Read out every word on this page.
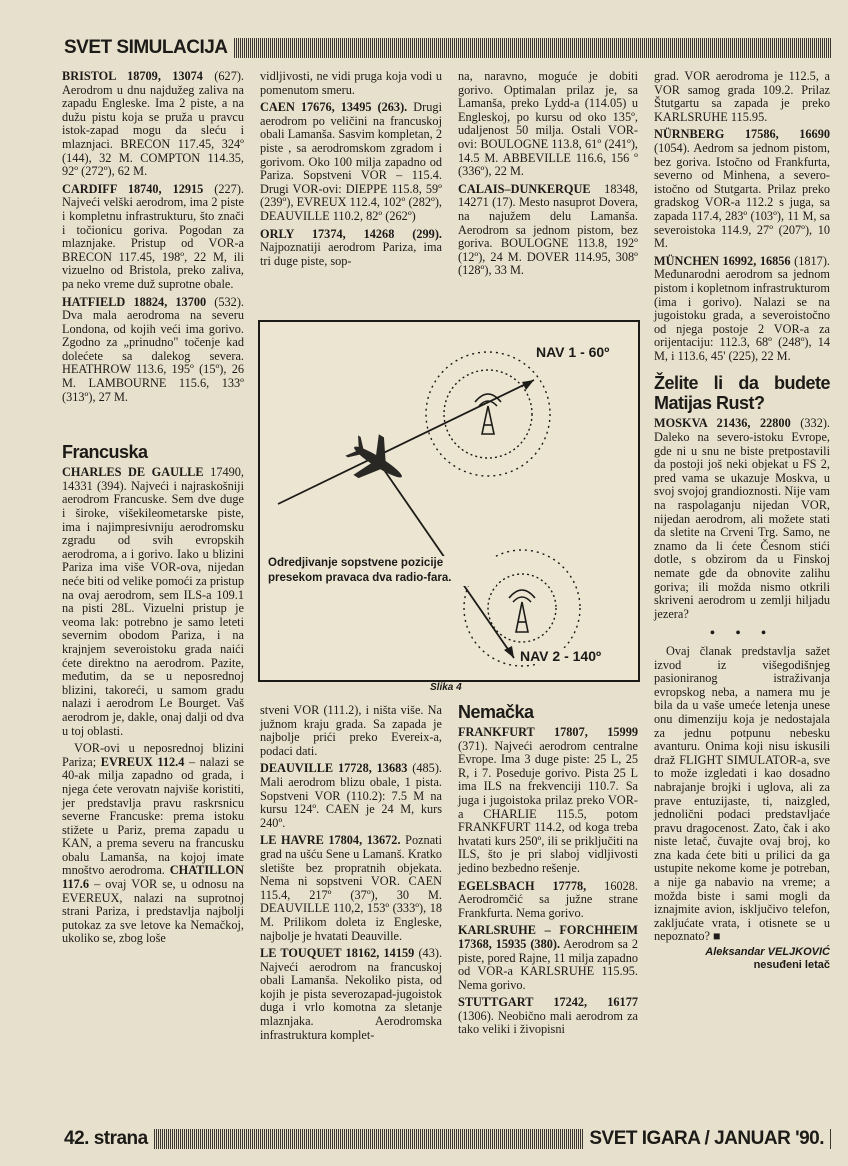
SVET SIMULACIJA

BRISTOL 18709, 13074 (627). Aerodrom u dnu najdužeg zaliva na zapadu Engleske. Ima 2 piste, a na dužu pistu koja se pruža u pravcu istok-zapad mogu da sleću i mlaznjaci. BRECON 117.45, 324º (144), 32 M. COMPTON 114.35, 92º (272º), 62 M.

CARDIFF 18740, 12915 (227). Najveći velški aerodrom, ima 2 piste i kompletnu infrastrukturu, što znači i točionicu goriva. Pogodan za mlaznjake. Pristup od VOR-a BRECON 117.45, 198º, 22 M, ili vizuelno od Bristola, preko zaliva, pa neko vreme duž suprotne obale.

HATFIELD 18824, 13700 (532). Dva mala aerodroma na severu Londona, od kojih veći ima gorivo. Zgodno za „prinudno" točenje kad dolećete sa dalekog severa. HEATHROW 113.6, 195º (15º), 26 M. LAMBOURNE 115.6, 133º (313º), 27 M.

Francuska

CHARLES DE GAULLE 17490, 14331 (394). Najveći i najraskošniji aerodrom Francuske. Sem dve duge i široke, višekileometarske piste, ima i najimpresivniju aerodromsku zgradu od svih evropskih aerodroma, a i gorivo. Iako u blizini Pariza ima više VOR-ova, nijedan neće biti od velike pomoći za pristup na ovaj aerodrom, sem ILS-a 109.1 na pisti 28L. Vizuelni pristup je veoma lak: potrebno je samo leteti severnim obodom Pariza, i na krajnjem severoistoku grada naići ćete direktno na aerodrom. Pazite, međutim, da se u neposrednoj blizini, takoreći, u samom gradu nalazi i aerodrom Le Bourget. Vaš aerodrom je, dakle, onaj dalji od dva u toj oblasti.

VOR-ovi u neposrednoj blizini Pariza; EVREUX 112.4 – nalazi se 40-ak milja zapadno od grada, i njega ćete verovatn najviše koristiti, jer predstavlja pravu raskrsnicu severne Francuske: prema istoku stižete u Pariz, prema zapadu u KAN, a prema severu na francusku obalu Lamanša, na kojoj imate mnoštvo aerodroma. CHATILLON 117.6 – ovaj VOR se, u odnosu na EVEREUX, nalazi na suprotnoj strani Pariza, i predstavlja najbolji putokaz za sve letove ka Nemačkoj, ukoliko se, zbog loše

vidljivosti, ne vidi pruga koja vodi u pomenutom smeru.

CAEN 17676, 13495 (263). Drugi aerodrom po veličini na francuskoj obali Lamanša. Sasvim kompletan, 2 piste , sa aerodromskom zgradom i gorivom. Oko 100 milja zapadno od Pariza. Sopstveni VOR – 115.4. Drugi VOR-ovi: DIEPPE 115.8, 59º (239º), EVREUX 112.4, 102º (282º), DEAUVILLE 110.2, 82º (262º)

ORLY 17374, 14268 (299). Najpoznatiji aerodrom Pariza, ima tri duge piste, sop-

stveni VOR (111.2), i ništa više. Na južnom kraju grada. Sa zapada je najbolje prići preko Evereix-a, podaci dati.

DEAUVILLE 17728, 13683 (485). Mali aerodrom blizu obale, 1 pista. Sopstveni VOR (110.2): 7.5 M na kursu 124º. CAEN je 24 M, kurs 240º.

LE HAVRE 17804, 13672. Poznati grad na ušću Sene u Lamanš. Kratko sletište bez propratnih objekata. Nema ni sopstveni VOR. CAEN 115.4, 217º (37º), 30 M. DEAUVILLE 110,2, 153º (333º), 18 M. Prilikom doleta iz Engleske, najbolje je hvatati Deauville.

LE TOUQUET 18162, 14159 (43). Najveći aerodrom na francuskoj obali Lamanša. Nekoliko pista, od kojih je pista severozapad-jugoistok duga i vrlo komotna za sletanje mlaznjaka. Aerodromska infrastruktura komplet-

na, naravno, moguće je dobiti gorivo. Optimalan prilaz je, sa Lamanša, preko Lydd-a (114.05) u Engleskoj, po kursu od oko 135º, udaljenost 50 milja. Ostali VOR-ovi: BOULOGNE 113.8, 61º (241º), 14.5 M. ABBEVILLE 116.6, 156 º (336º), 22 M.

CALAIS–DUNKERQUE 18348, 14271 (17). Mesto nasuprot Dovera, na najužem delu Lamanša. Aerodrom sa jednom pistom, bez goriva. BOULOGNE 113.8, 192º (12º), 24 M. DOVER 114.95, 308º (128º), 33 M.

Nemačka

FRANKFURT 17807, 15999 (371). Najveći aerodrom centralne Evrope. Ima 3 duge piste: 25 L, 25 R, i 7. Poseduje gorivo. Pista 25 L ima ILS na frekvenciji 110.7. Sa juga i jugoistoka prilaz preko VOR-a CHARLIE 115.5, potom FRANKFURT 114.2, od koga treba hvatati kurs 250º, ili se priključiti na ILS, što je pri slaboj vidljivosti jedino bezbedno rešenje.

EGELSBACH 17778, 16028. Aerodromčić sa južne strane Frankfurta. Nema gorivo.

KARLSRUHE – FORCHHEIM 17368, 15935 (380). Aerodrom sa 2 piste, pored Rajne, 11 milja zapadno od VOR-a KARLSRUHE 115.95. Nema gorivo.

STUTTGART 17242, 16177 (1306). Neobično mali aerodrom za tako veliki i živopisni

grad. VOR aerodroma je 112.5, a VOR samog grada 109.2. Prilaz Štutgartu sa zapada je preko KARLSRUHE 115.95.

NÜRNBERG 17586, 16690 (1054). Aedrom sa jednom pistom, bez goriva. Istočno od Frankfurta, severno od Minhena, a severo-istočno od Stutgarta. Prilaz preko gradskog VOR-a 112.2 s juga, sa zapada 117.4, 283º (103º), 11 M, sa severoistoka 114.9, 27º (207º), 10 M.

MÜNCHEN 16992, 16856 (1817). Međunarodni aerodrom sa jednom pistom i kopletnom infrastrukturom (ima i gorivo). Nalazi se na jugoistoku grada, a severoistočno od njega postoje 2 VOR-a za orijentaciju: 112.3, 68º (248º), 14 M, i 113.6, 45' (225), 22 M.

Želite li da budete Matijas Rust?

MOSKVA 21436, 22800 (332). Daleko na severo-istoku Evrope, gde ni u snu ne biste pretpostavili da postoji još neki objekat u FS 2, pred vama se ukazuje Moskva, u svoj svojoj grandioznosti. Nije vam na raspolaganju nijedan VOR, nijedan aerodrom, ali možete stati da sletite na Crveni Trg. Samo, ne znamo da li ćete Česnom stići dotle, s obzirom da u Finskoj nemate gde da obnovite zalihu goriva; ili možda nismo otkrili skriveni aerodrom u zemlji hiljadu jezera?

• • •

Ovaj članak predstavlja sažet izvod iz višegodišnjeg pasioniranog istraživanja evropskog neba, a namera mu je bila da u vaše umeće letenja unese onu dimenziju koja je nedostajala za jednu potpunu nebesku avanturu. Onima koji nisu iskusili draž FLIGHT SIMULATOR-a, sve to može izgledati i kao dosadno nabrajanje brojki i uglova, ali za prave entuzijaste, ti, naizgled, jednolični podaci predstavljaće pravu dragocenost. Zato, čak i ako niste letač, čuvajte ovaj broj, ko zna kada ćete biti u prilici da ga ustupite nekome kome je potreban, a nije ga nabavio na vreme; a možda biste i sami mogli da iznajmite avion, isključivo telefon, zakljućate vrata, i otisnete se u nepoznato? ■

Aleksandar VELJKOVIĆ
nesuđeni letač
NAV 1 - 60º
NAV 2 - 140º
Odredjivanje sopstvene pozicije presekom pravaca dva radio-fara.
Slika 4
42. strana	SVET IGARA / JANUAR '90.
